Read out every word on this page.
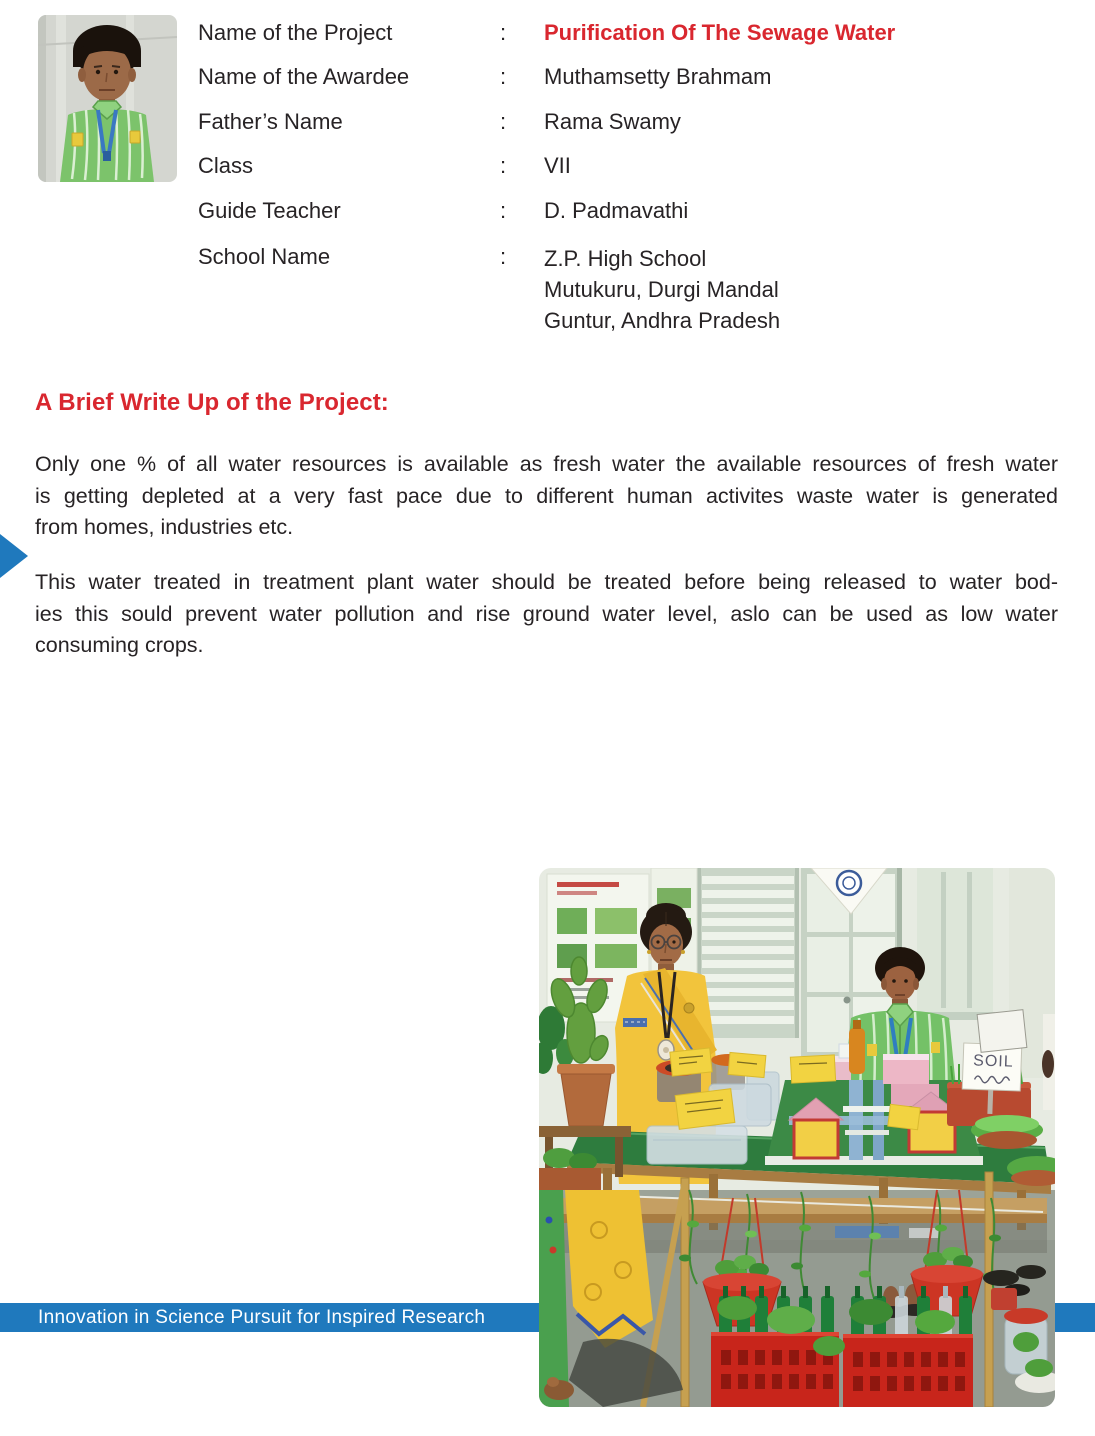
Name of the Project	: Purification Of The Sewage Water
Name of the Awardee	: Muthamsetty Brahmam
Father’s Name	: Rama Swamy
Class	: VII
Guide Teacher	: D. Padmavathi
School Name	: Z.P. High School
Mutukuru, Durgi Mandal
Guntur, Andhra Pradesh
A Brief Write Up of the Project:
Only one % of all water resources is available as fresh water the available resources of fresh water
is getting depleted at a very fast pace due to different human activites waste water is generated
from homes, industries etc.
This water treated in treatment plant water should be treated before being released to water bod-
ies this sould prevent water pollution and rise ground water level, aslo can be used as low water
consuming crops.
Innovation in Science Pursuit for Inspired Research
SOIL
